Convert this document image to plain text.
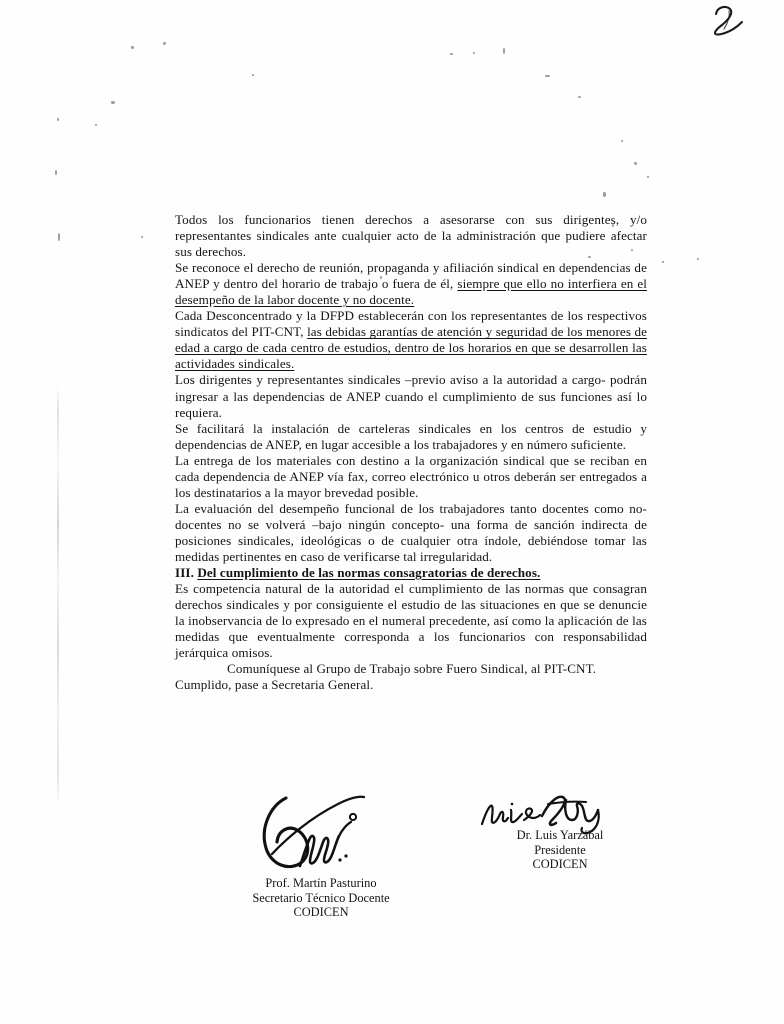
Todos los funcionarios tienen derechos a asesorarse con sus dirigentes, y/o representantes sindicales ante cualquier acto de la administración que pudiere afectar sus derechos.

Se reconoce el derecho de reunión, propaganda y afiliación sindical en dependencias de ANEP y dentro del horario de trabajo o fuera de él, siempre que ello no interfiera en el desempeño de la labor docente y no docente.

Cada Desconcentrado y la DFPD establecerán con los representantes de los respectivos sindicatos del PIT-CNT, las debidas garantías de atención y seguridad de los menores de edad a cargo de cada centro de estudios, dentro de los horarios en que se desarrollen las actividades sindicales.

Los dirigentes y representantes sindicales –previo aviso a la autoridad a cargo- podrán ingresar a las dependencias de ANEP cuando el cumplimiento de sus funciones así lo requiera.

Se facilitará la instalación de carteleras sindicales en los centros de estudio y dependencias de ANEP, en lugar accesible a los trabajadores y en número suficiente.

La entrega de los materiales con destino a la organización sindical que se reciban en cada dependencia de ANEP vía fax, correo electrónico u otros deberán ser entregados a los destinatarios a la mayor brevedad posible.

La evaluación del desempeño funcional de los trabajadores tanto docentes como no-docentes no se volverá –bajo ningún concepto- una forma de sanción indirecta de posiciones sindicales, ideológicas o de cualquier otra índole, debiéndose tomar las medidas pertinentes en caso de verificarse tal irregularidad.

III. Del cumplimiento de las normas consagratorias de derechos.

Es competencia natural de la autoridad el cumplimiento de las normas que consagran derechos sindicales y por consiguiente el estudio de las situaciones en que se denuncie la inobservancia de lo expresado en el numeral precedente, así como la aplicación de las medidas que eventualmente corresponda a los funcionarios con responsabilidad jerárquica omisos.

Comuníquese al Grupo de Trabajo sobre Fuero Sindical, al PIT-CNT. Cumplido, pase a Secretaria General.

Prof. Martín Pasturino

Secretario Técnico Docente

CODICEN

Dr. Luis Yarzábal

Presidente

CODICEN
